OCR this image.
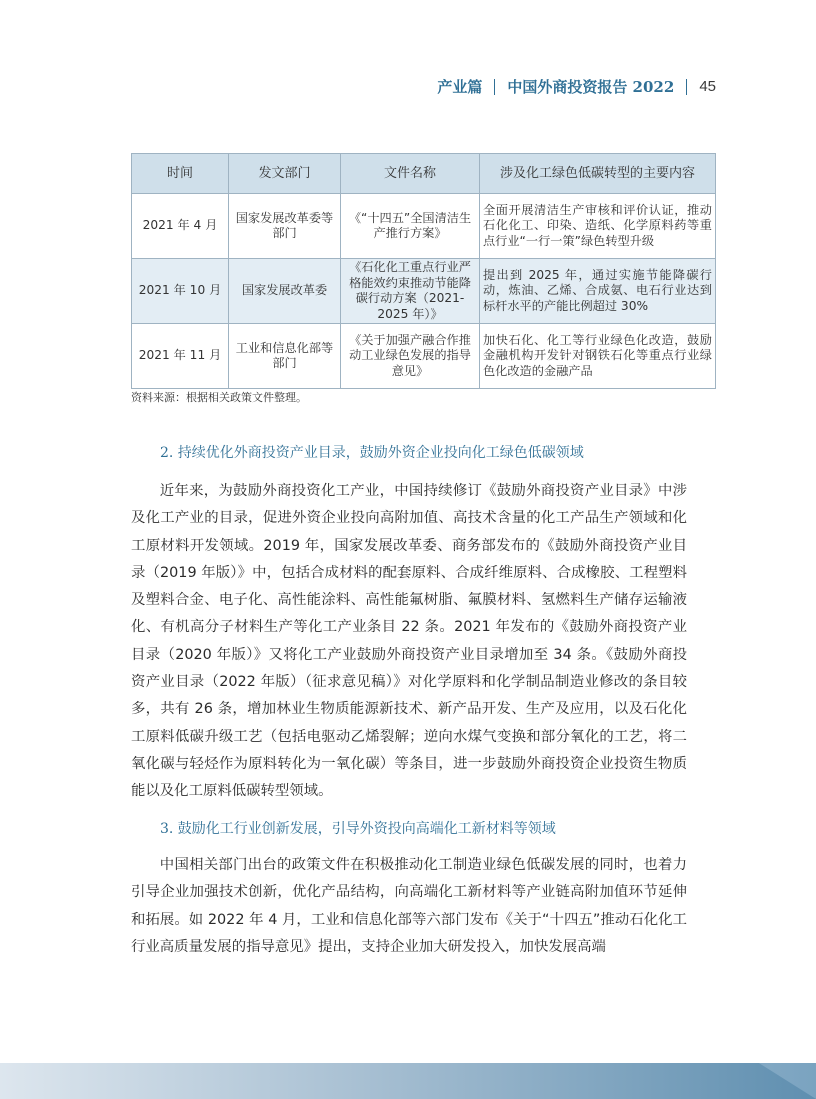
产业篇 中国外商投资报告 2022 45
时间	发文部门	文件名称	涉及化工绿色低碳转型的主要内容
2021 年 4 月	国家发展改革委等部门	《“十四五”全国清洁生产推行方案》	全面开展清洁生产审核和评价认证，推动石化化工、印染、造纸、化学原料药等重点行业“一行一策”绿色转型升级
2021 年 10 月	国家发展改革委	《石化化工重点行业严格能效约束推动节能降碳行动方案（2021-2025 年）》	提出到 2025 年，通过实施节能降碳行动，炼油、乙烯、合成氨、电石行业达到标杆水平的产能比例超过 30%
2021 年 11 月	工业和信息化部等部门	《关于加强产融合作推动工业绿色发展的指导意见》	加快石化、化工等行业绿色化改造，鼓励金融机构开发针对钢铁石化等重点行业绿色化改造的金融产品
资料来源：根据相关政策文件整理。
2. 持续优化外商投资产业目录，鼓励外资企业投向化工绿色低碳领域

近年来，为鼓励外商投资化工产业，中国持续修订《鼓励外商投资产业目录》中涉及化工产业的目录，促进外资企业投向高附加值、高技术含量的化工产品生产领域和化工原材料开发领域。2019 年，国家发展改革委、商务部发布的《鼓励外商投资产业目录（2019 年版）》中，包括合成材料的配套原料、合成纤维原料、合成橡胶、工程塑料及塑料合金、电子化、高性能涂料、高性能氟树脂、氟膜材料、氢燃料生产储存运输液化、有机高分子材料生产等化工产业条目 22 条。2021 年发布的《鼓励外商投资产业目录（2020 年版）》又将化工产业鼓励外商投资产业目录增加至 34 条。《鼓励外商投资产业目录（2022 年版）（征求意见稿）》对化学原料和化学制品制造业修改的条目较多，共有 26 条，增加林业生物质能源新技术、新产品开发、生产及应用，以及石化化工原料低碳升级工艺（包括电驱动乙烯裂解；逆向水煤气变换和部分氧化的工艺，将二氧化碳与轻烃作为原料转化为一氧化碳）等条目，进一步鼓励外商投资企业投资生物质能以及化工原料低碳转型领域。

3. 鼓励化工行业创新发展，引导外资投向高端化工新材料等领域

中国相关部门出台的政策文件在积极推动化工制造业绿色低碳发展的同时，也着力引导企业加强技术创新，优化产品结构，向高端化工新材料等产业链高附加值环节延伸和拓展。如 2022 年 4 月，工业和信息化部等六部门发布《关于“十四五”推动石化化工行业高质量发展的指导意见》提出，支持企业加大研发投入，加快发展高端
